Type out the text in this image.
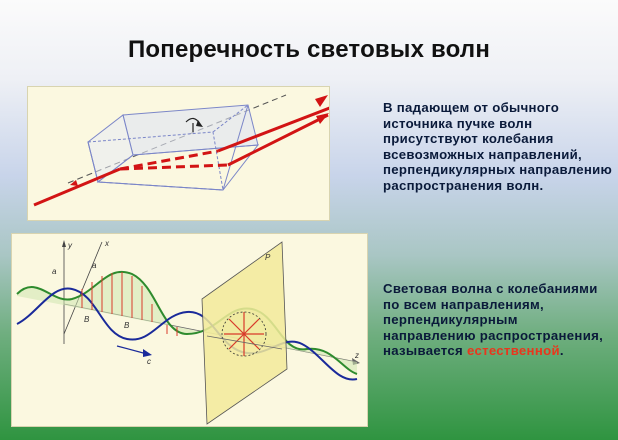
Поперечность световых волн
y	x
z
a
a
B
B
P
c
В падающем от обычного источника пучке волн присутствуют колебания всевозможных направлений, перпендикулярных направлению распространения волн.
Световая волна с колебаниями по всем направлениям, перпендикулярным направлению распространения, называется естественной.
